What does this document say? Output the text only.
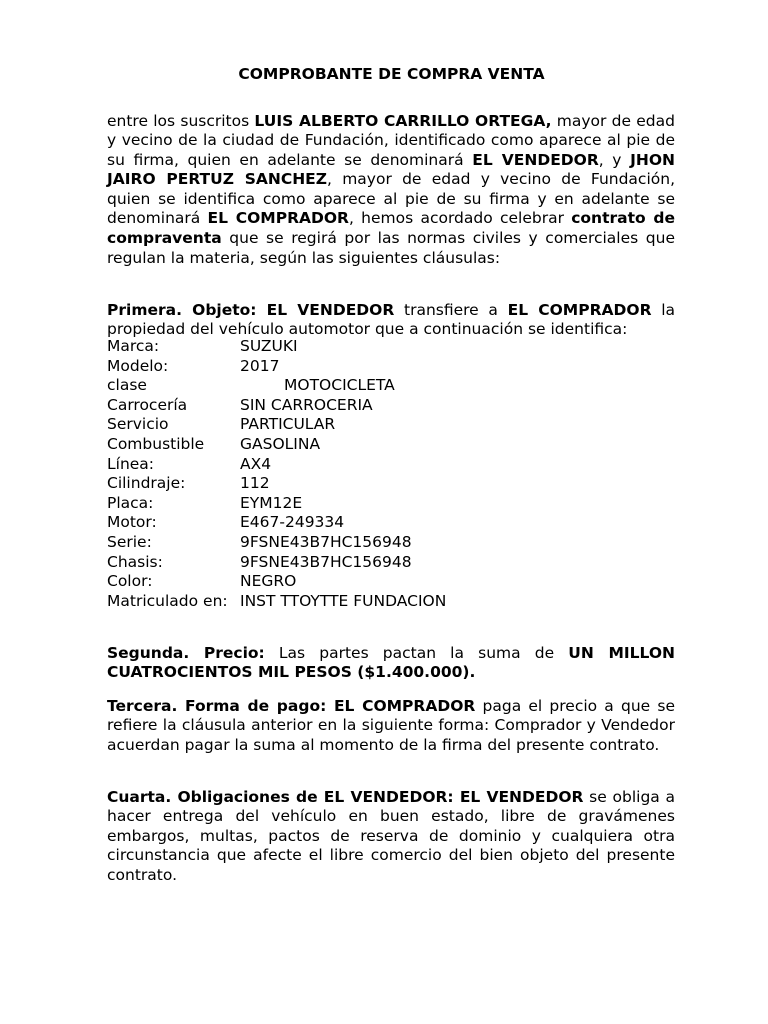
COMPROBANTE DE COMPRA VENTA

entre los suscritos LUIS ALBERTO CARRILLO ORTEGA, mayor de edad y vecino de la ciudad de Fundación, identificado como aparece al pie de su firma, quien en adelante se denominará EL VENDEDOR, y JHON JAIRO PERTUZ SANCHEZ, mayor de edad y vecino de Fundación, quien se identifica como aparece al pie de su firma y en adelante se denominará EL COMPRADOR, hemos acordado celebrar contrato de compraventa que se regirá por las normas civiles y comerciales que regulan la materia, según las siguientes cláusulas:

Primera. Objeto: EL VENDEDOR transfiere a EL COMPRADOR la propiedad del vehículo automotor que a continuación se identifica:

Marca:	SUZUKI
Modelo:	2017
clase	MOTOCICLETA
Carrocería	SIN CARROCERIA
Servicio	PARTICULAR
Combustible	GASOLINA
Línea:	AX4
Cilindraje:	112
Placa:	EYM12E
Motor:	E467-249334
Serie:	9FSNE43B7HC156948
Chasis:	9FSNE43B7HC156948
Color:	NEGRO
Matriculado en: INST TTOYTTE FUNDACION

Segunda. Precio: Las partes pactan la suma de UN MILLON CUATROCIENTOS MIL PESOS ($1.400.000).

Tercera. Forma de pago: EL COMPRADOR paga el precio a que se refiere la cláusula anterior en la siguiente forma: Comprador y Vendedor acuerdan pagar la suma al momento de la firma del presente contrato.

Cuarta. Obligaciones de EL VENDEDOR: EL VENDEDOR se obliga a hacer entrega del vehículo en buen estado, libre de gravámenes embargos, multas, pactos de reserva de dominio y cualquiera otra circunstancia que afecte el libre comercio del bien objeto del presente contrato.
